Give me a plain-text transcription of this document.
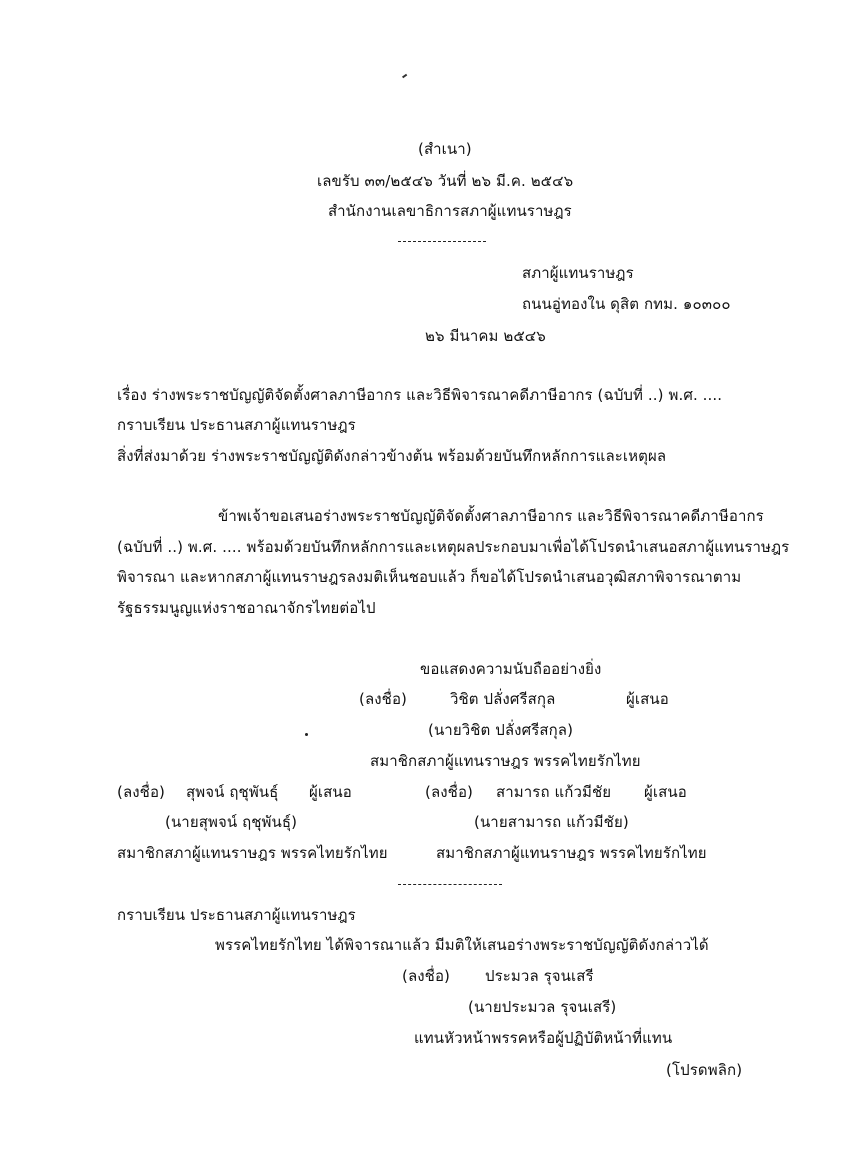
(สำเนา)
เลขรับ ๓๓/๒๕๔๖ วันที่ ๒๖ มี.ค. ๒๕๔๖
สำนักงานเลขาธิการสภาผู้แทนราษฎร
สภาผู้แทนราษฎร
ถนนอู่ทองใน ดุสิต กทม. ๑๐๓๐๐
๒๖ มีนาคม ๒๕๔๖
เรื่อง ร่างพระราชบัญญัติจัดตั้งศาลภาษีอากร และวิธีพิจารณาคดีภาษีอากร (ฉบับที่ ..) พ.ศ. ....
กราบเรียน ประธานสภาผู้แทนราษฎร
สิ่งที่ส่งมาด้วย ร่างพระราชบัญญัติดังกล่าวข้างต้น พร้อมด้วยบันทึกหลักการและเหตุผล
ข้าพเจ้าขอเสนอร่างพระราชบัญญัติจัดตั้งศาลภาษีอากร และวิธีพิจารณาคดีภาษีอากร
(ฉบับที่ ..) พ.ศ. .... พร้อมด้วยบันทึกหลักการและเหตุผลประกอบมาเพื่อได้โปรดนำเสนอสภาผู้แทนราษฎร
พิจารณา และหากสภาผู้แทนราษฎรลงมติเห็นชอบแล้ว ก็ขอได้โปรดนำเสนอวุฒิสภาพิจารณาตาม
รัฐธรรมนูญแห่งราชอาณาจักรไทยต่อไป
ขอแสดงความนับถืออย่างยิ่ง
(ลงชื่อ)	วิชิต ปลั่งศรีสกุล	ผู้เสนอ
(นายวิชิต ปลั่งศรีสกุล)
สมาชิกสภาผู้แทนราษฎร พรรคไทยรักไทย
(ลงชื่อ) สุพจน์ ฤชุพันธุ์ ผู้เสนอ	(ลงชื่อ) สามารถ แก้วมีชัย ผู้เสนอ
(นายสุพจน์ ฤชุพันธุ์)	(นายสามารถ แก้วมีชัย)
สมาชิกสภาผู้แทนราษฎร พรรคไทยรักไทย	สมาชิกสภาผู้แทนราษฎร พรรคไทยรักไทย
กราบเรียน ประธานสภาผู้แทนราษฎร
พรรคไทยรักไทย ได้พิจารณาแล้ว มีมติให้เสนอร่างพระราชบัญญัติดังกล่าวได้
(ลงชื่อ) ประมวล รุจนเสรี
(นายประมวล รุจนเสรี)
แทนหัวหน้าพรรคหรือผู้ปฏิบัติหน้าที่แทน
(โปรดพลิก)
